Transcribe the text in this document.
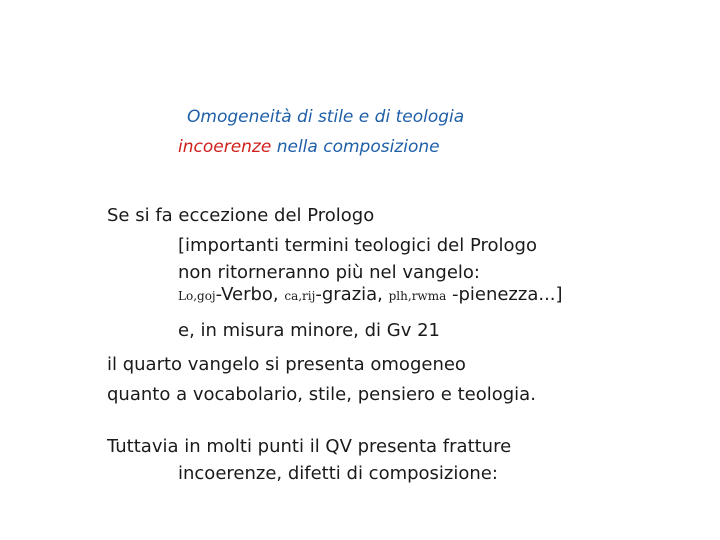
Omogeneità di stile e di teologia
incoerenze nella composizione
Se si fa eccezione del Prologo
[importanti termini teologici del Prologo
non ritorneranno più nel vangelo:
Lo,goj-Verbo, ca,rij-grazia, plh,rwma -pienezza...]
e, in misura minore, di Gv 21
il quarto vangelo si presenta omogeneo
quanto a vocabolario, stile, pensiero e teologia.
Tuttavia in molti punti il QV presenta fratture
incoerenze, difetti di composizione:
